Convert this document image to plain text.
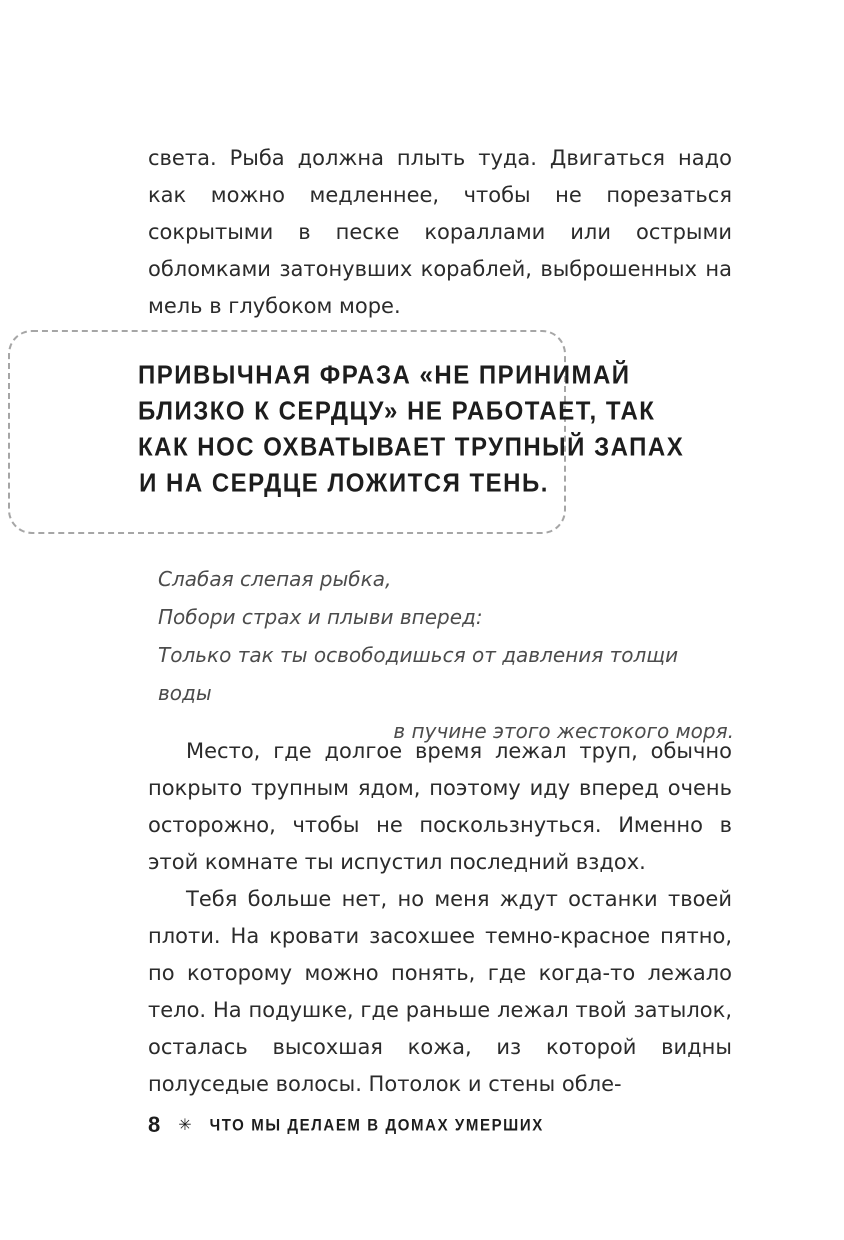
света. Рыба должна плыть туда. Двигаться надо как можно медленнее, чтобы не порезаться сокрытыми в песке кораллами или острыми обломками затонувших кораблей, выброшенных на мель в глубоком море.

ПРИВЫЧНАЯ ФРАЗА «НЕ ПРИНИМАЙ
БЛИЗКО К СЕРДЦУ» НЕ РАБОТАЕТ, ТАК
КАК НОС ОХВАТЫВАЕТ ТРУПНЫЙ ЗАПАХ
И НА СЕРДЦЕ ЛОЖИТСЯ ТЕНЬ.
Слабая слепая рыбка,
Побори страх и плыви вперед:
Только так ты освободишься от давления толщи воды
в пучине этого жестокого моря.

Место, где долгое время лежал труп, обычно покрыто трупным ядом, поэтому иду вперед очень осторожно, чтобы не поскользнуться. Именно в этой комнате ты испустил последний вздох.

Тебя больше нет, но меня ждут останки твоей плоти. На кровати засохшее темно-красное пятно, по которому можно понять, где когда-то лежало тело. На подушке, где раньше лежал твой затылок, осталась высохшая кожа, из которой видны полуседые волосы. Потолок и стены обле-

8 ✳ ЧТО МЫ ДЕЛАЕМ В ДОМАХ УМЕРШИХ
